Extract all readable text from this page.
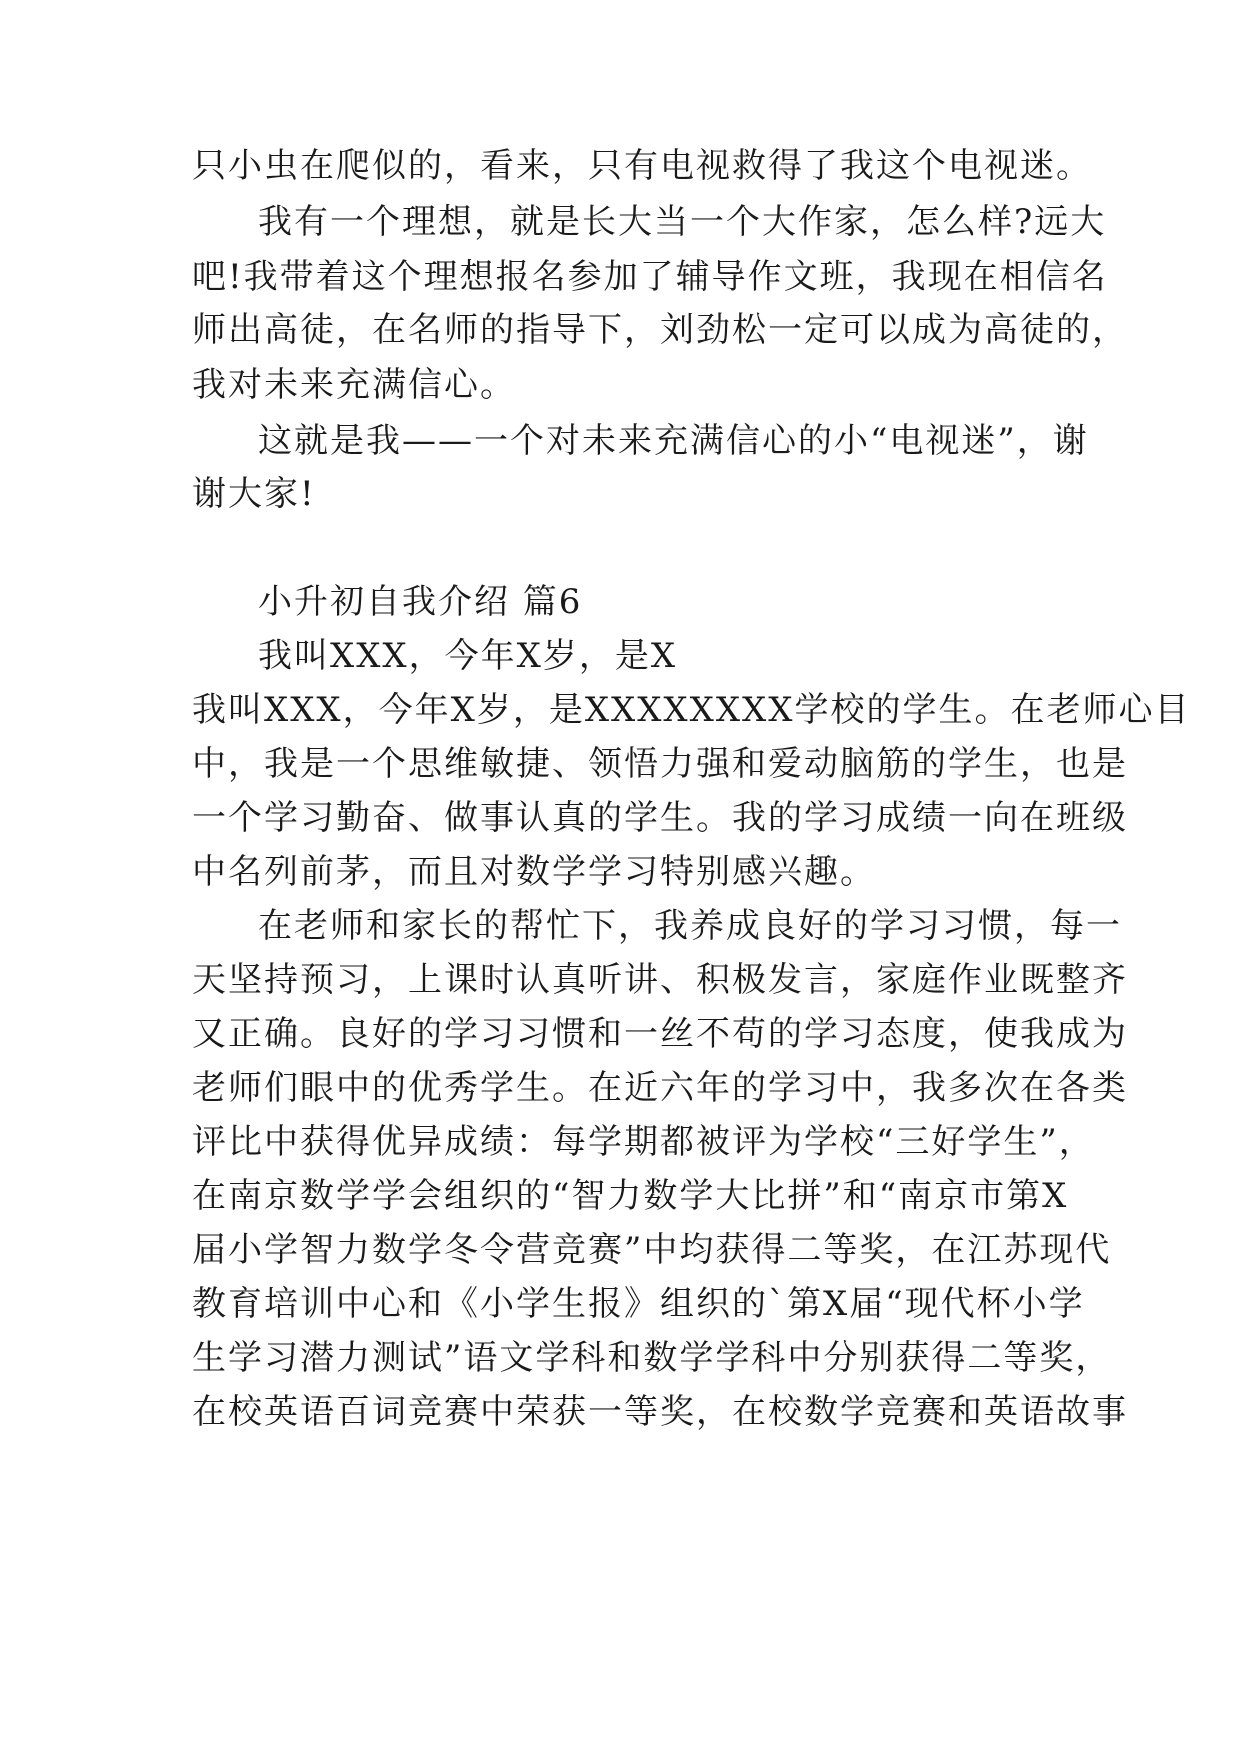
只小虫在爬似的，看来，只有电视救得了我这个电视迷。
我有一个理想，就是长大当一个大作家，怎么样?远大
吧!我带着这个理想报名参加了辅导作文班，我现在相信名
师出高徒，在名师的指导下，刘劲松一定可以成为高徒的，
我对未来充满信心。
这就是我——一个对未来充满信心的小“电视迷”，谢
谢大家!
小升初自我介绍 篇6
我叫XXX，今年X岁，是X
我叫XXX，今年X岁，是XXXXXXXX学校的学生。在老师心目
中，我是一个思维敏捷、领悟力强和爱动脑筋的学生，也是
一个学习勤奋、做事认真的学生。我的学习成绩一向在班级
中名列前茅，而且对数学学习特别感兴趣。
在老师和家长的帮忙下，我养成良好的学习习惯，每一
天坚持预习，上课时认真听讲、积极发言，家庭作业既整齐
又正确。良好的学习习惯和一丝不苟的学习态度，使我成为
老师们眼中的优秀学生。在近六年的学习中，我多次在各类
评比中获得优异成绩：每学期都被评为学校“三好学生”，
在南京数学学会组织的“智力数学大比拼”和“南京市第X
届小学智力数学冬令营竞赛”中均获得二等奖，在江苏现代
教育培训中心和《小学生报》组织的`第X届“现代杯小学
生学习潜力测试”语文学科和数学学科中分别获得二等奖，
在校英语百词竞赛中荣获一等奖，在校数学竞赛和英语故事
